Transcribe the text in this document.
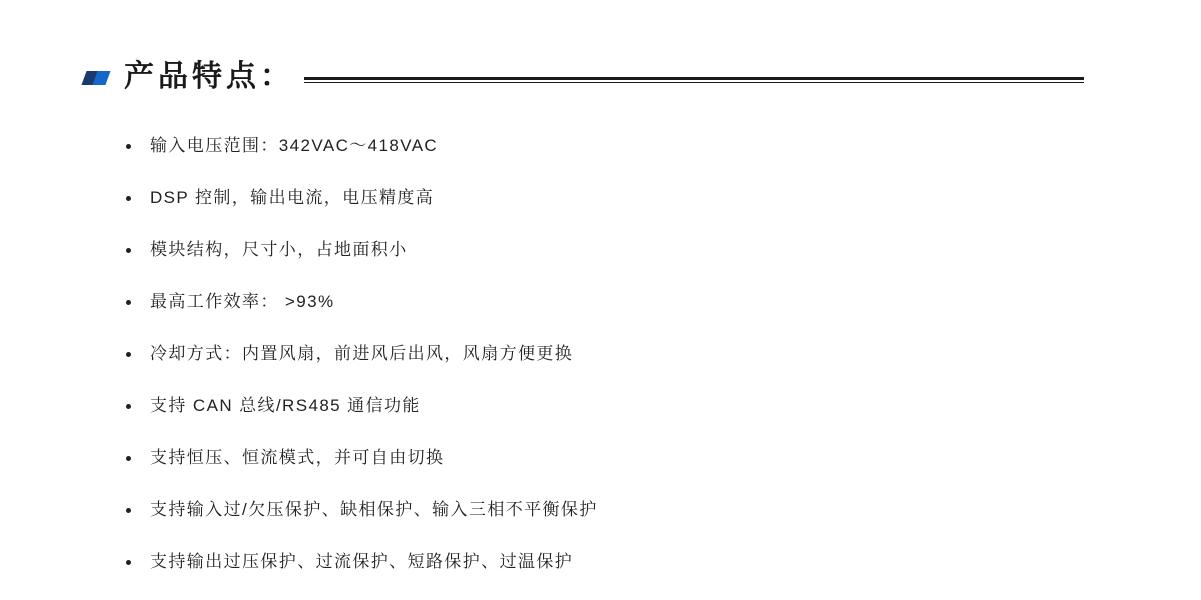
产品特点：
输入电压范围：342VAC～418VAC
DSP 控制，输出电流，电压精度高
模块结构，尺寸小，占地面积小
最高工作效率： >93%
冷却方式：内置风扇，前进风后出风，风扇方便更换
支持 CAN 总线/RS485 通信功能
支持恒压、恒流模式，并可自由切换
支持输入过/欠压保护、缺相保护、输入三相不平衡保护
支持输出过压保护、过流保护、短路保护、过温保护
